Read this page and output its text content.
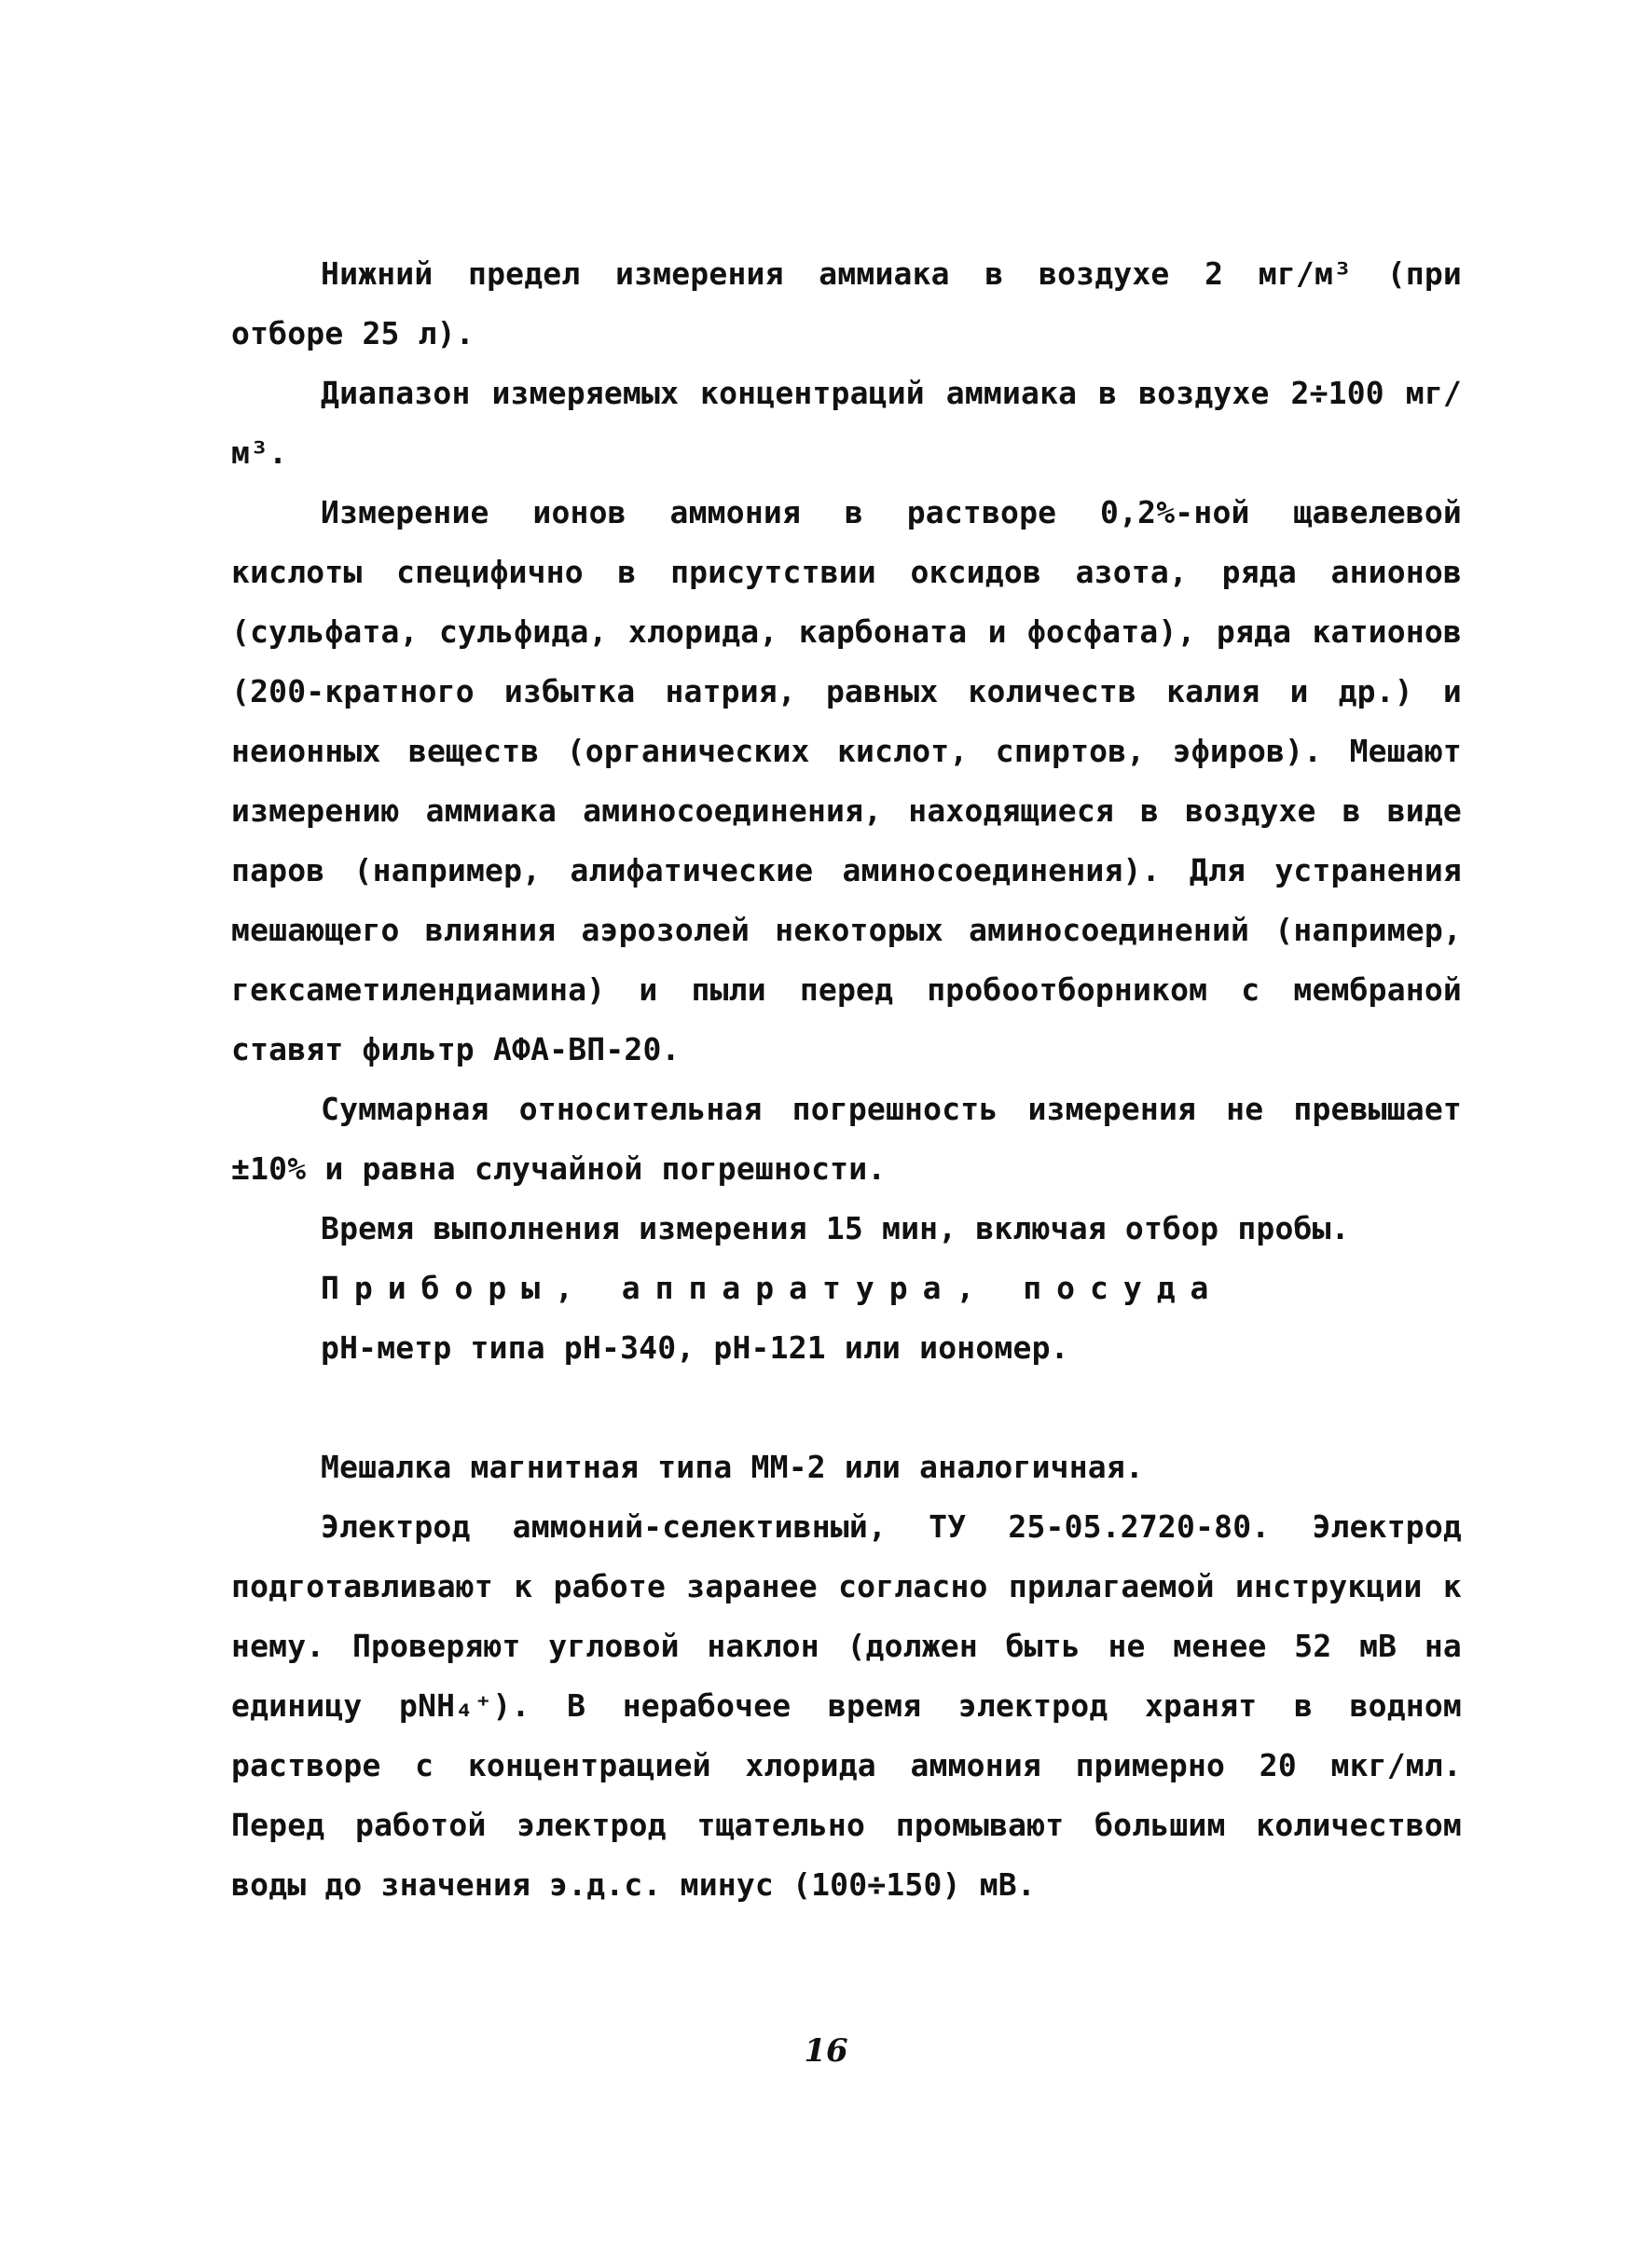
Нижний предел измерения аммиака в воздухе 2 мг/м³ (при отборе 25 л).

Диапазон измеряемых концентраций аммиака в воздухе 2÷100 мг/м³.

Измерение ионов аммония в растворе 0,2%-ной щавелевой кислоты специфично в присутствии оксидов азота, ряда анионов (сульфата, сульфида, хлорида, карбоната и фосфата), ряда катионов (200-кратного избытка натрия, равных количеств калия и др.) и неионных веществ (органических кислот, спиртов, эфиров). Мешают измерению аммиака аминосоединения, находящиеся в воздухе в виде паров (например, алифатические аминосоединения). Для устранения мешающего влияния аэрозолей некоторых аминосоединений (например, гексаметилендиамина) и пыли перед пробоотборником с мембраной ставят фильтр АФА-ВП-20.

Суммарная относительная погрешность измерения не превышает ±10% и равна случайной погрешности.

Время выполнения измерения 15 мин, включая отбор пробы.

Приборы, аппаратура, посуда

рН-метр типа рН-340, рН-121 или иономер.

Мешалка магнитная типа ММ-2 или аналогичная.

Электрод аммоний-селективный, ТУ 25-05.2720-80. Электрод подготавливают к работе заранее согласно прилагаемой инструкции к нему. Проверяют угловой наклон (должен быть не менее 52 мВ на единицу рNH₄⁺). В нерабочее время электрод хранят в водном растворе с концентрацией хлорида аммония примерно 20 мкг/мл. Перед работой электрод тщательно промывают большим количеством воды до значения э.д.с. минус (100÷150) мВ.

16
